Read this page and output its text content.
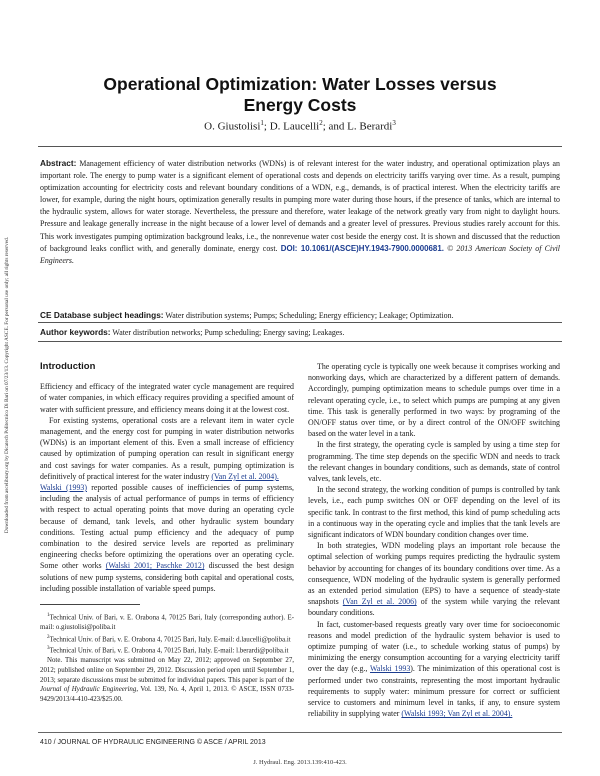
Downloaded from ascelibrary.org by Dicatech Politecnico Di Bari on 07/23/13. Copyright ASCE. For personal use only; all rights reserved.
Operational Optimization: Water Losses versus
Energy Costs
O. Giustolisi$^1$; D. Laucelli$^2$; and L. Berardi$^3$
Abstract: Management efficiency of water distribution networks (WDNs) is of relevant interest for the water industry, and operational optimization plays an important role. The energy to pump water is a significant element of operational costs and depends on electricity tariffs varying over time. As a result, pumping optimization accounting for electricity costs and relevant boundary conditions of a WDN, e.g., demands, is of practical interest. When the electricity tariffs are lower, for example, during the night hours, optimization generally results in pumping more water during those hours, if the presence of tanks, which are internal to the hydraulic system, allows for water storage. Nevertheless, the pressure and therefore, water leakage of the network greatly vary from night to daylight hours. Pressure and leakage generally increase in the night because of a lower level of demands and a greater level of pressures. Previous studies rarely account for this. This work investigates pumping optimization background leaks, i.e., the nonrevenue water cost beside the energy cost. It is shown and discussed that the reduction of background leaks conflict with, and generally dominate, energy cost. DOI: 10.1061/(ASCE)HY.1943-7900.0000681. © 2013 American Society of Civil Engineers.
CE Database subject headings: Water distribution systems; Pumps; Scheduling; Energy efficiency; Leakage; Optimization.
Author keywords: Water distribution networks; Pump scheduling; Energy saving; Leakages.
Introduction

Efficiency and efficacy of the integrated water cycle management are required of water companies, in which efficacy requires providing a specified amount of water with sufficient pressure, and efficiency means doing it at the lowest cost.

For existing systems, operational costs are a relevant item in water cycle management, and the energy cost for pumping in water distribution networks (WDNs) is an important element of this. Even a small increase of efficiency caused by optimization of pumping operation can result in significant energy and cost savings for water companies. As a result, pumping optimization is definitively of practical interest for the water industry (Van Zyl et al. 2004).

Walski (1993) reported possible causes of inefficiencies of pump systems, including the analysis of actual performance of pumps in terms of efficiency with respect to actual operating points that move during an operating cycle because of demand, tank levels, and other hydraulic system boundary conditions. Testing actual pump efficiency and the adequacy of pump combination to the desired service levels are reported as preliminary engineering checks before optimizing the operations over an operating cycle. Some other works (Walski 2001; Paschke 2012) discussed the best design solutions of new pump systems, considering both capital and operational costs, including possible installation of variable speed pumps.

$^1$Technical Univ. of Bari, v. E. Orabona 4, 70125 Bari, Italy (corresponding author). E-mail: o.giustolisi@poliba.it

$^2$Technical Univ. of Bari, v. E. Orabona 4, 70125 Bari, Italy. E-mail: d.laucelli@poliba.it

$^3$Technical Univ. of Bari, v. E. Orabona 4, 70125 Bari, Italy. E-mail: l.berardi@poliba.it

Note. This manuscript was submitted on May 22, 2012; approved on September 27, 2012; published online on September 29, 2012. Discussion period open until September 1, 2013; separate discussions must be submitted for individual papers. This paper is part of the Journal of Hydraulic Engineering, Vol. 139, No. 4, April 1, 2013. © ASCE, ISSN 0733-9429/2013/4-410-423/$25.00.

The operating cycle is typically one week because it comprises working and nonworking days, which are characterized by a different pattern of demands. Accordingly, pumping optimization means to schedule pumps over time in a relevant operating cycle, i.e., to select which pumps are pumping at any given time. This task is generally performed in two ways: by programing of the ON/OFF status over time, or by a direct control of the ON/OFF switching based on the water level in a tank.

In the first strategy, the operating cycle is sampled by using a time step for programming. The time step depends on the specific WDN and needs to track the relevant changes in boundary conditions, such as demands, state of control valves, tank levels, etc.

In the second strategy, the working condition of pumps is controlled by tank levels, i.e., each pump switches ON or OFF depending on the level of its specific tank. In contrast to the first method, this kind of pump scheduling acts in a continuous way in the operating cycle and implies that the tank levels are significant indicators of WDN boundary condition changes over time.

In both strategies, WDN modeling plays an important role because the optimal selection of working pumps requires predicting the hydraulic system behavior by accounting for changes of its boundary conditions over time. As a consequence, WDN modeling of the hydraulic system is generally performed as an extended period simulation (EPS) to have a sequence of steady-state snapshots (Van Zyl et al. 2006) of the system while varying the relevant boundary conditions.

In fact, customer-based requests greatly vary over time for socioeconomic reasons and model prediction of the hydraulic system behavior is used to optimize pumping of water (i.e., to schedule working status of pumps) by minimizing the energy consumption accounting for a varying electricity tariff over the day (e.g., Walski 1993). The minimization of this operational cost is performed under two constraints, representing the most important hydraulic requirements to supply water: minimum pressure for correct or sufficient service to customers and minimum level in tanks, if any, to ensure system reliability in supplying water (Walski 1993; Van Zyl et al. 2004).

410 / JOURNAL OF HYDRAULIC ENGINEERING © ASCE / APRIL 2013
J. Hydraul. Eng. 2013.139:410-423.
